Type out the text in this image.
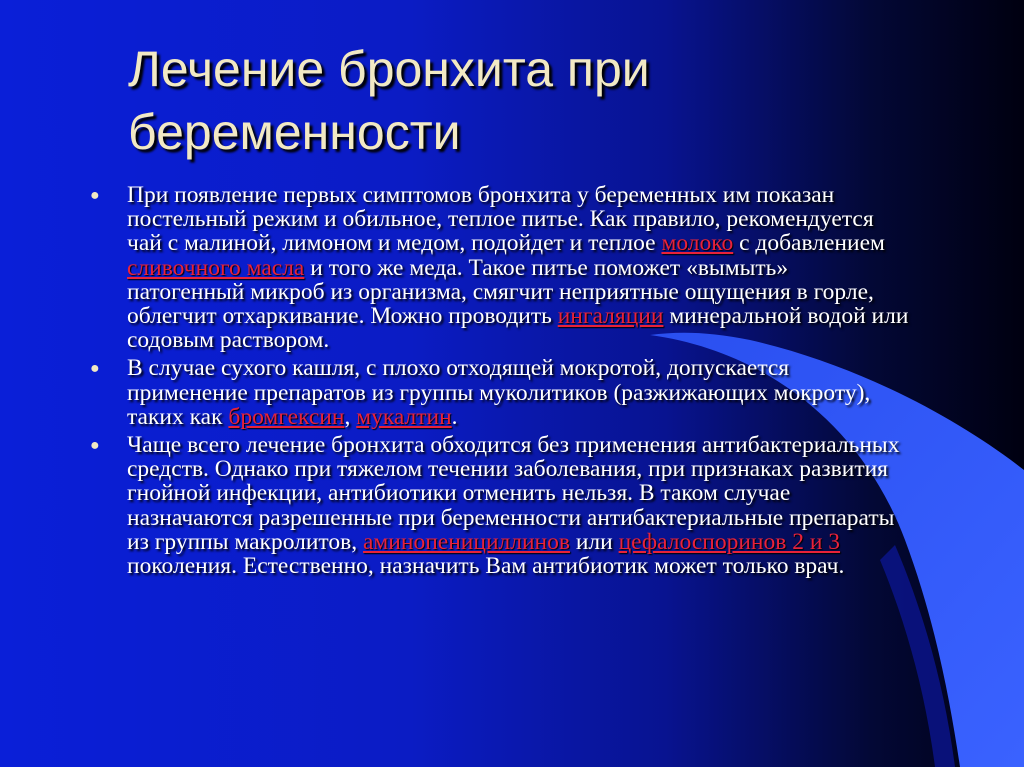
Лечение бронхита при беременности
● При появление первых симптомов бронхита у беременных им показан постельный режим и обильное, теплое питье. Как правило, рекомендуется чай с малиной, лимоном и медом, подойдет и теплое молоко с добавлением сливочного масла и того же меда. Такое питье поможет «вымыть» патогенный микроб из организма, смягчит неприятные ощущения в горле, облегчит отхаркивание. Можно проводить ингаляции минеральной водой или содовым раствором.
● В случае сухого кашля, с плохо отходящей мокротой, допускается применение препаратов из группы муколитиков (разжижающих мокроту), таких как бромгексин, мукалтин.
● Чаще всего лечение бронхита обходится без применения антибактериальных средств. Однако при тяжелом течении заболевания, при признаках развития гнойной инфекции, антибиотики отменить нельзя. В таком случае назначаются разрешенные при беременности антибактериальные препараты из группы макролитов, аминопенициллинов или цефалоспоринов 2 и 3 поколения. Естественно, назначить Вам антибиотик может только врач.
